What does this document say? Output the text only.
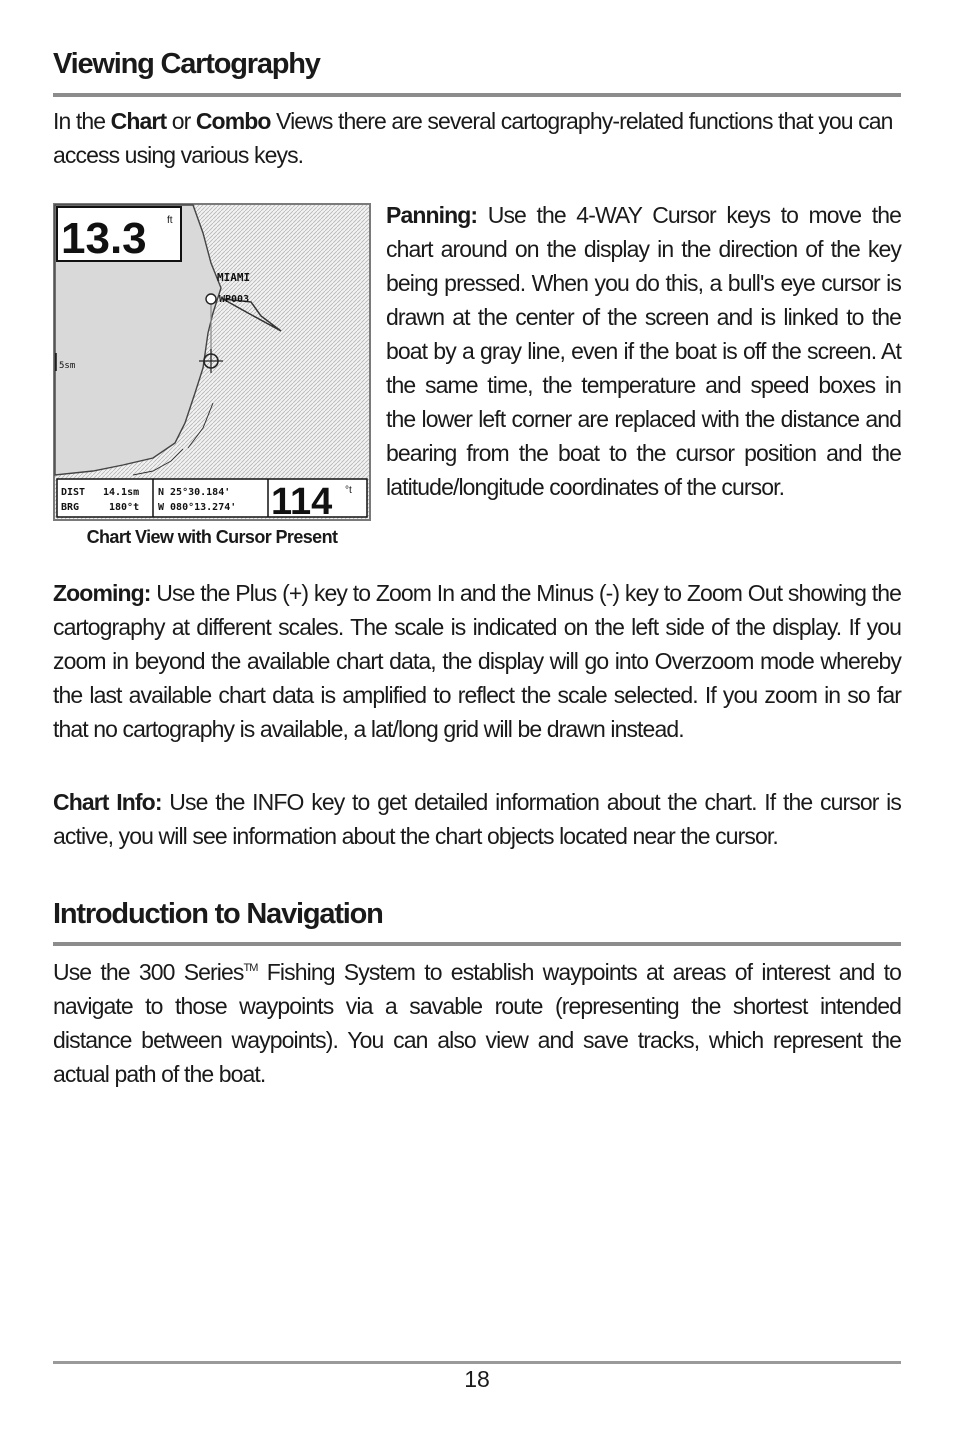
Viewing Cartography

In the Chart or Combo Views there are several cartography-related functions that you can access using various keys.

13.3 ft
MIAMI
WP003
5sm
DIST 14.1sm
BRG	180°t
N 25°30.184'
W 080°13.274' 114 °t
Chart View with Cursor Present

Panning: Use the 4-WAY Cursor keys to move the chart around on the display in the direction of the key being pressed. When you do this, a bull's eye cursor is drawn at the center of the screen and is linked to the boat by a gray line, even if the boat is off the screen. At the same time, the temperature and speed boxes in the lower left corner are replaced with the distance and bearing from the boat to the cursor position and the latitude/longitude coordinates of the cursor.

Zooming: Use the Plus (+) key to Zoom In and the Minus (-) key to Zoom Out showing the cartography at different scales. The scale is indicated on the left side of the display. If you zoom in beyond the available chart data, the display will go into Overzoom mode whereby the last available chart data is amplified to reflect the scale selected. If you zoom in so far that no cartography is available, a lat/long grid will be drawn instead.

Chart Info: Use the INFO key to get detailed information about the chart. If the cursor is active, you will see information about the chart objects located near the cursor.

Introduction to Navigation

Use the 300 Series™ Fishing System to establish waypoints at areas of interest and to navigate to those waypoints via a savable route (representing the shortest intended distance between waypoints). You can also view and save tracks, which represent the actual path of the boat.

18
